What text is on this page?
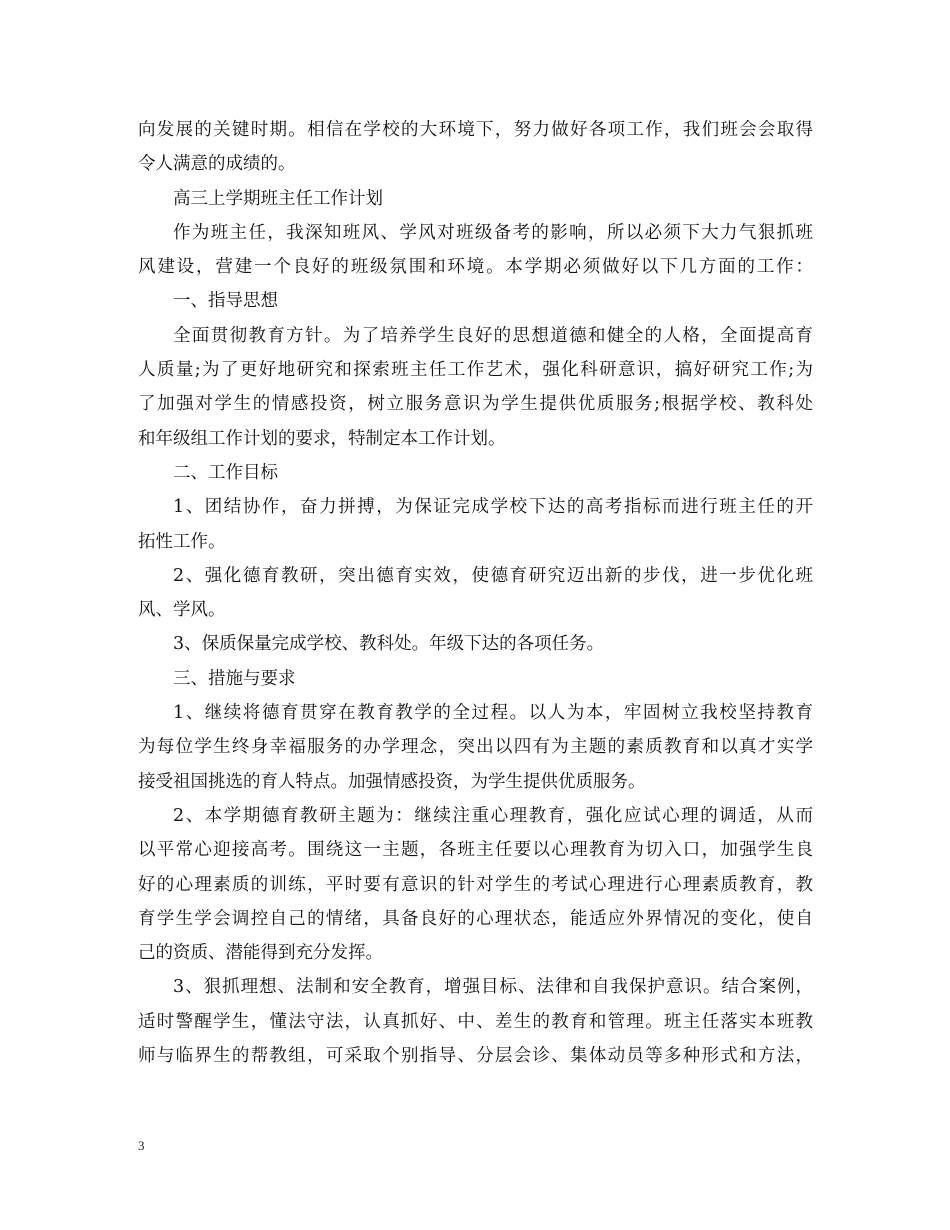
向发展的关键时期。相信在学校的大环境下，努力做好各项工作，我们班会会取得
令人满意的成绩的。
高三上学期班主任工作计划
作为班主任，我深知班风、学风对班级备考的影响，所以必须下大力气狠抓班
风建设，营建一个良好的班级氛围和环境。本学期必须做好以下几方面的工作：
一、指导思想
全面贯彻教育方针。为了培养学生良好的思想道德和健全的人格，全面提高育
人质量;为了更好地研究和探索班主任工作艺术，强化科研意识，搞好研究工作;为
了加强对学生的情感投资，树立服务意识为学生提供优质服务;根据学校、教科处
和年级组工作计划的要求，特制定本工作计划。
二、工作目标
1、团结协作，奋力拼搏，为保证完成学校下达的高考指标而进行班主任的开
拓性工作。
2、强化德育教研，突出德育实效，使德育研究迈出新的步伐，进一步优化班
风、学风。
3、保质保量完成学校、教科处。年级下达的各项任务。
三、措施与要求
1、继续将德育贯穿在教育教学的全过程。以人为本，牢固树立我校坚持教育
为每位学生终身幸福服务的办学理念，突出以四有为主题的素质教育和以真才实学
接受祖国挑选的育人特点。加强情感投资，为学生提供优质服务。
2、本学期德育教研主题为：继续注重心理教育，强化应试心理的调适，从而
以平常心迎接高考。围绕这一主题，各班主任要以心理教育为切入口，加强学生良
好的心理素质的训练，平时要有意识的针对学生的考试心理进行心理素质教育，教
育学生学会调控自己的情绪，具备良好的心理状态，能适应外界情况的变化，使自
己的资质、潜能得到充分发挥。
3、狠抓理想、法制和安全教育，增强目标、法律和自我保护意识。结合案例，
适时警醒学生，懂法守法，认真抓好、中、差生的教育和管理。班主任落实本班教
师与临界生的帮教组，可采取个别指导、分层会诊、集体动员等多种形式和方法，
3
